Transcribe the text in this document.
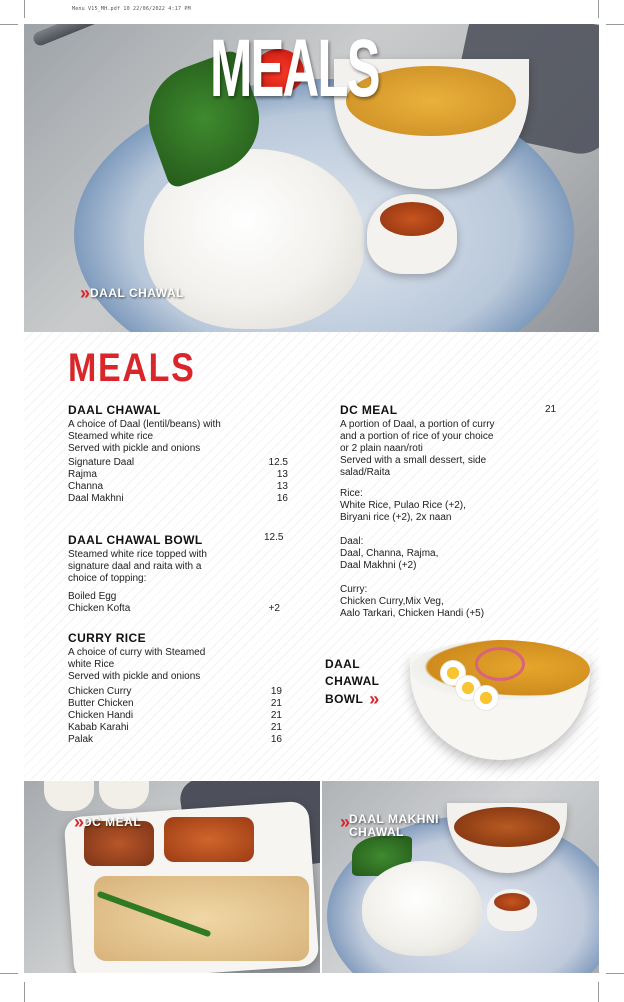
Menu V15_MH.pdf 10 22/06/2022 4:17 PM
MEALS
» DAAL CHAWAL
MEALS
DAAL CHAWAL
A choice of Daal (lentil/beans) with
Steamed white rice
Served with pickle and onions
Signature Daal	12.5
Rajma	13
Channa	13
Daal Makhni	16
DAAL CHAWAL BOWL	12.5
Steamed white rice topped with
signature daal and raita with a
choice of topping:
Boiled Egg
Chicken Kofta	+2
CURRY RICE
A choice of curry with Steamed
white Rice
Served with pickle and onions
Chicken Curry	19
Butter Chicken	21
Chicken Handi	21
Kabab Karahi	21
Palak	16
DC MEAL	21
A portion of Daal, a portion of curry
and a portion of rice of your choice
or 2 plain naan/roti
Served with a small dessert, side
salad/Raita
Rice:
White Rice, Pulao Rice (+2),
Biryani rice (+2), 2x naan
Daal:
Daal, Channa, Rajma,
Daal Makhni (+2)
Curry:
Chicken Curry,Mix Veg,
Aalo Tarkari, Chicken Handi (+5)
DAAL CHAWAL
BOWL »
» DC MEAL	» DAAL MAKHNI
CHAWAL
